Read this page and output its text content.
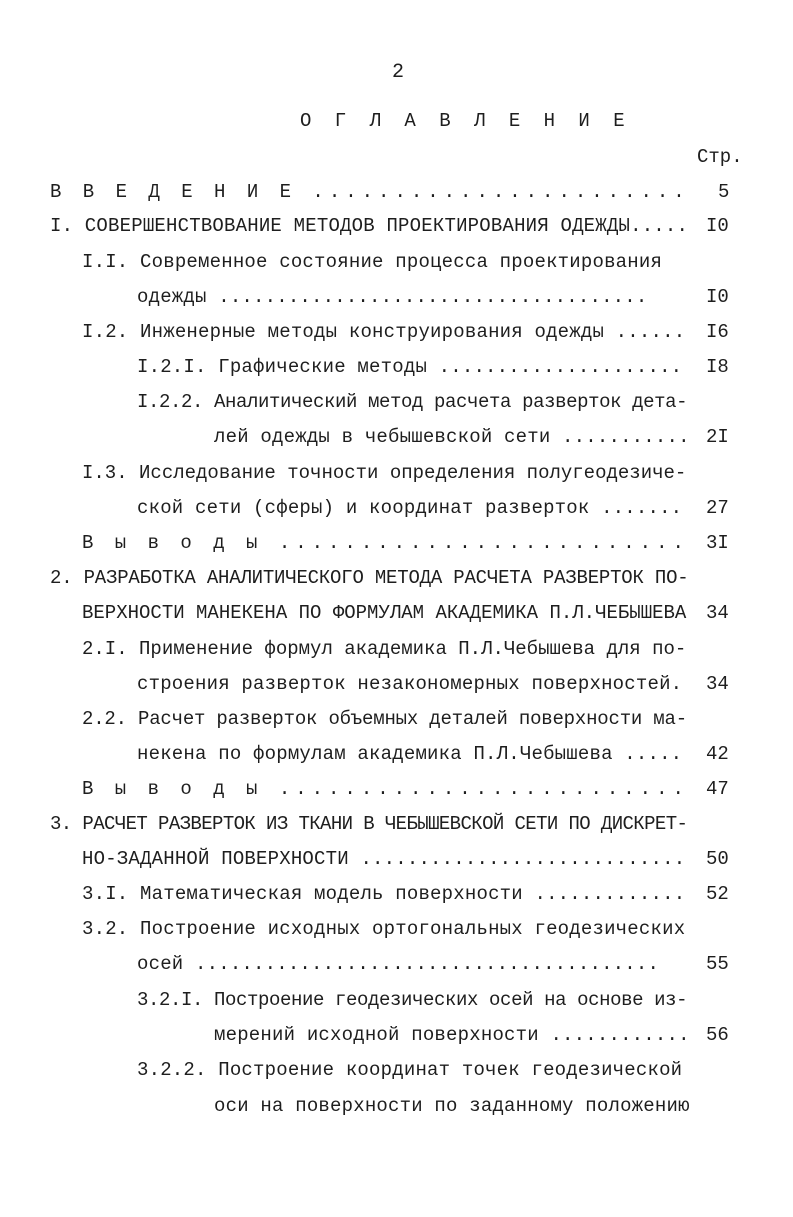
2
О Г Л А В Л Е Н И Е
Стр.
В В Е Д Е Н И Е ....................... 5
I. СОВЕРШЕНСТВОВАНИЕ МЕТОДОВ ПРОЕКТИРОВАНИЯ ОДЕЖДЫ..... I0
I.I. Современное состояние процесса проектирования
одежды .....................................	I0
I.2. Инженерные методы конструирования одежды ...... I6
I.2.I. Графические методы ..................... I8
I.2.2. Аналитический метод расчета разверток дета-
лей одежды в чебышевской сети ........... 2I
I.3. Исследование точности определения полугеодезиче-
ской сети (сферы) и координат разверток ....... 27
В ы в о д ы ......................... 3I
2. РАЗРАБОТКА АНАЛИТИЧЕСКОГО МЕТОДА РАСЧЕТА РАЗВЕРТОК ПО-
ВЕРХНОСТИ МАНЕКЕНА ПО ФОРМУЛАМ АКАДЕМИКА П.Л.ЧЕБЫШЕВА 34
2.I. Применение формул академика П.Л.Чебышева для по-
строения разверток незакономерных поверхностей. 34
2.2. Расчет разверток объемных деталей поверхности ма-
некена по формулам академика П.Л.Чебышева ..... 42
В ы в о д ы ......................... 47
3. РАСЧЕТ РАЗВЕРТОК ИЗ ТКАНИ В ЧЕБЫШЕВСКОЙ СЕТИ ПО ДИСКРЕТ-
НО-ЗАДАННОЙ ПОВЕРХНОСТИ ............................ 50
3.I. Математическая модель поверхности ............. 52
3.2. Построение исходных ортогональных геодезических
осей ........................................ 55
3.2.I. Построение геодезических осей на основе из-
мерений исходной поверхности ............ 56
3.2.2. Построение координат точек геодезической
оси на поверхности по заданному положению
